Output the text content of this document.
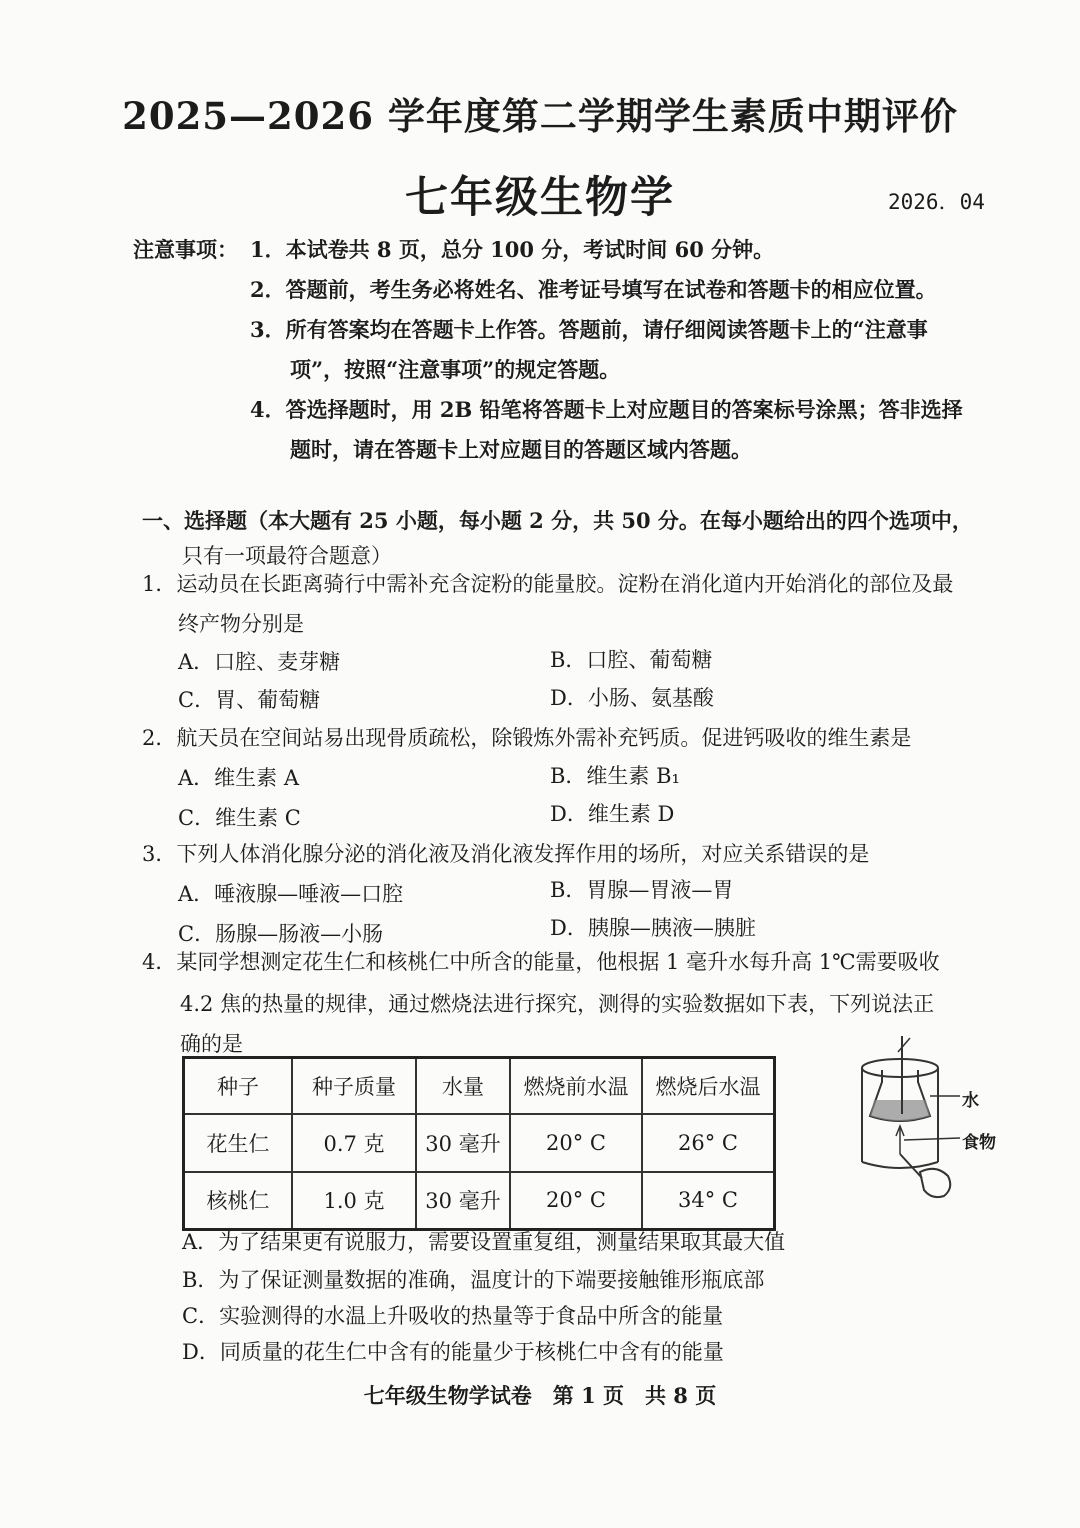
2025—2026 学年度第二学期学生素质中期评价
七年级生物学	2026．04
注意事项： 1．本试卷共 8 页，总分 100 分，考试时间 60 分钟。
2．答题前，考生务必将姓名、准考证号填写在试卷和答题卡的相应位置。
3．所有答案均在答题卡上作答。答题前，请仔细阅读答题卡上的“注意事
项”，按照“注意事项”的规定答题。
4．答选择题时，用 2B 铅笔将答题卡上对应题目的答案标号涂黑；答非选择
题时，请在答题卡上对应题目的答题区域内答题。
一、选择题（本大题有 25 小题，每小题 2 分，共 50 分。在每小题给出的四个选项中，
只有一项最符合题意）
1．运动员在长距离骑行中需补充含淀粉的能量胶。淀粉在消化道内开始消化的部位及最
终产物分别是
A．口腔、麦芽糖	B．口腔、葡萄糖
C．胃、葡萄糖	D．小肠、氨基酸
2．航天员在空间站易出现骨质疏松，除锻炼外需补充钙质。促进钙吸收的维生素是
A．维生素 A	B．维生素 B₁
C．维生素 C	D．维生素 D
3．下列人体消化腺分泌的消化液及消化液发挥作用的场所，对应关系错误的是
A．唾液腺—唾液—口腔	B．胃腺—胃液—胃
C．肠腺—肠液—小肠	D．胰腺—胰液—胰脏
4．某同学想测定花生仁和核桃仁中所含的能量，他根据 1 毫升水每升高 1℃需要吸收
4.2 焦的热量的规律，通过燃烧法进行探究，测得的实验数据如下表，下列说法正
确的是
种子	种子质量	水量	燃烧前水温	燃烧后水温
花生仁	0.7 克	30 毫升	20° C	26° C
核桃仁	1.0 克	30 毫升	20° C	34° C
水
食物
A．为了结果更有说服力，需要设置重复组，测量结果取其最大值
B．为了保证测量数据的准确，温度计的下端要接触锥形瓶底部
C．实验测得的水温上升吸收的热量等于食品中所含的能量
D．同质量的花生仁中含有的能量少于核桃仁中含有的能量
七年级生物学试卷　第 1 页　共 8 页
